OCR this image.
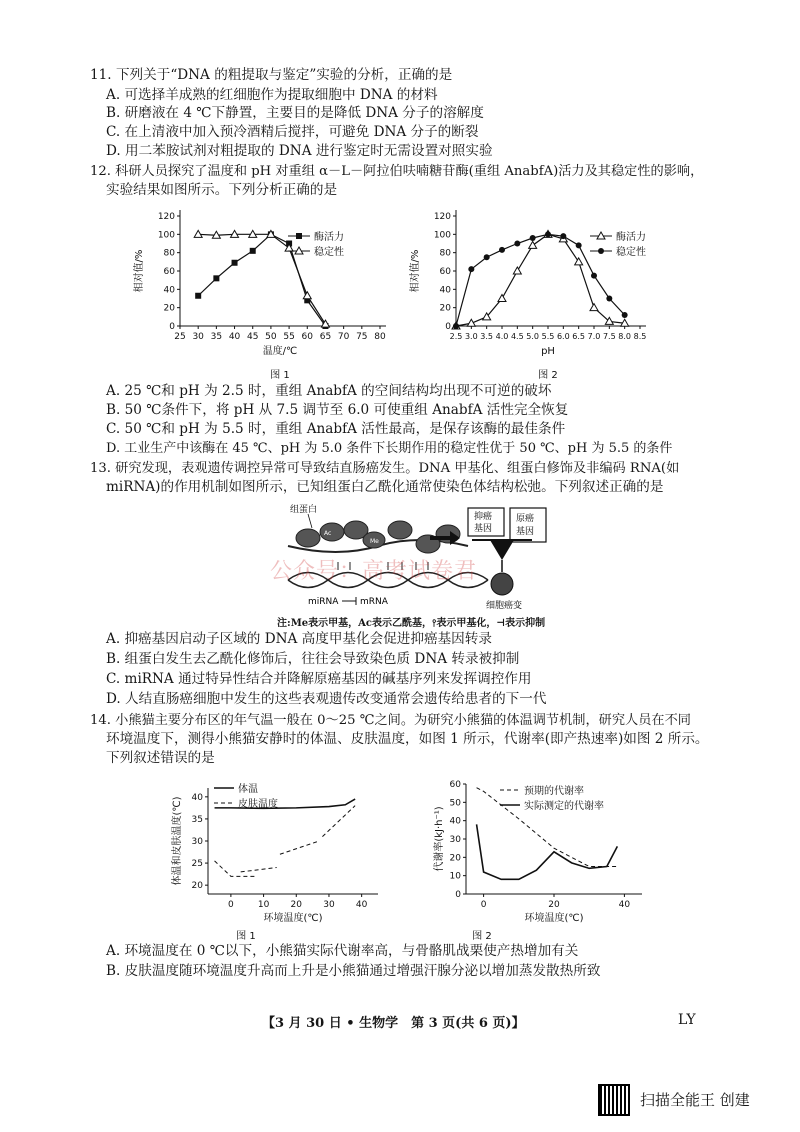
11. 下列关于“DNA 的粗提取与鉴定”实验的分析，正确的是
A. 可选择羊成熟的红细胞作为提取细胞中 DNA 的材料
B. 研磨液在 4 ℃下静置，主要目的是降低 DNA 分子的溶解度
C. 在上清液中加入预冷酒精后搅拌，可避免 DNA 分子的断裂
D. 用二苯胺试剂对粗提取的 DNA 进行鉴定时无需设置对照实验
12. 科研人员探究了温度和 pH 对重组 α－L－阿拉伯呋喃糖苷酶(重组 AnabfA)活力及其稳定性的影响，
实验结果如图所示。下列分析正确的是
25 30 35 40 45 50 55 60 65 70 75 80
0
20
40
60
80
100
120
相对值/%
温度/℃
图 1
酶活力
稳定性
2.5 3.0 3.5 4.0 4.5 5.0 5.5 6.0 6.5 7.0 7.5 8.0 8.5
0
20
40
60
80
100
120
相对值/%
pH
图 2
酶活力
稳定性
A. 25 ℃和 pH 为 2.5 时，重组 AnabfA 的空间结构均出现不可逆的破坏
B. 50 ℃条件下，将 pH 从 7.5 调节至 6.0 可使重组 AnabfA 活性完全恢复
C. 50 ℃和 pH 为 5.5 时，重组 AnabfA 活性最高，是保存该酶的最佳条件
D. 工业生产中该酶在 45 ℃、pH 为 5.0 条件下长期作用的稳定性优于 50 ℃、pH 为 5.5 的条件
13. 研究发现，表观遗传调控异常可导致结直肠癌发生。DNA 甲基化、组蛋白修饰及非编码 RNA(如
miRNA)的作用机制如图所示，已知组蛋白乙酰化通常使染色体结构松弛。下列叙述正确的是
Ac
Me
组蛋白
miRNA mRNA
抑癌
基因
原癌
基因
细胞癌变
公众号：高考试卷君
注:Me表示甲基，Ac表示乙酰基，⫯表示甲基化，⊣表示抑制
A. 抑癌基因启动子区域的 DNA 高度甲基化会促进抑癌基因转录
B. 组蛋白发生去乙酰化修饰后，往往会导致染色质 DNA 转录被抑制
C. miRNA 通过特异性结合并降解原癌基因的碱基序列来发挥调控作用
D. 人结直肠癌细胞中发生的这些表观遗传改变通常会遗传给患者的下一代
14. 小熊猫主要分布区的年气温一般在 0～25 ℃之间。为研究小熊猫的体温调节机制，研究人员在不同
环境温度下，测得小熊猫安静时的体温、皮肤温度，如图 1 所示，代谢率(即产热速率)如图 2 所示。
下列叙述错误的是
0	10 20 30 40
20
25
30
35
40
体温和皮肤温度(℃)
环境温度(℃)
图 1
体温
皮肤温度
0	20	40
0
10
20
30
40
50
60
代谢率(kJ·h⁻¹)
环境温度(℃)
图 2
预期的代谢率
实际测定的代谢率
A. 环境温度在 0 ℃以下，小熊猫实际代谢率高，与骨骼肌战栗使产热增加有关
B. 皮肤温度随环境温度升高而上升是小熊猫通过增强汗腺分泌以增加蒸发散热所致
【3 月 30 日 • 生物学　第 3 页(共 6 页)】	LY
扫描全能王 创建
